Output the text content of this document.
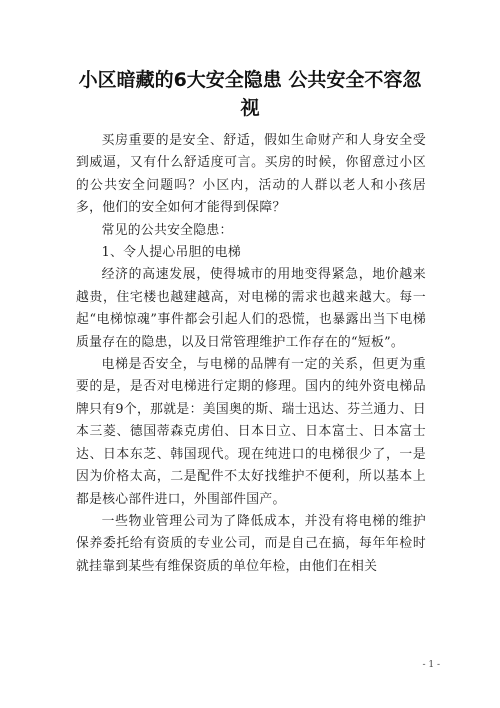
小区暗藏的6大安全隐患 公共安全不容忽视

买房重要的是安全、舒适，假如生命财产和人身安全受到威逼，又有什么舒适度可言。买房的时候，你留意过小区的公共安全问题吗？小区内，活动的人群以老人和小孩居多，他们的安全如何才能得到保障？

常见的公共安全隐患：

1、令人提心吊胆的电梯

经济的高速发展，使得城市的用地变得紧急，地价越来越贵，住宅楼也越建越高，对电梯的需求也越来越大。每一起“电梯惊魂”事件都会引起人们的恐慌，也暴露出当下电梯质量存在的隐患，以及日常管理维护工作存在的“短板”。

电梯是否安全，与电梯的品牌有一定的关系，但更为重要的是，是否对电梯进行定期的修理。国内的纯外资电梯品牌只有9个，那就是：美国奥的斯、瑞士迅达、芬兰通力、日本三菱、德国蒂森克虏伯、日本日立、日本富士、日本富士达、日本东芝、韩国现代。现在纯进口的电梯很少了，一是因为价格太高，二是配件不太好找维护不便利，所以基本上都是核心部件进口，外围部件国产。

一些物业管理公司为了降低成本，并没有将电梯的维护保养委托给有资质的专业公司，而是自己在搞，每年年检时就挂靠到某些有维保资质的单位年检，由他们在相关

- 1 -
